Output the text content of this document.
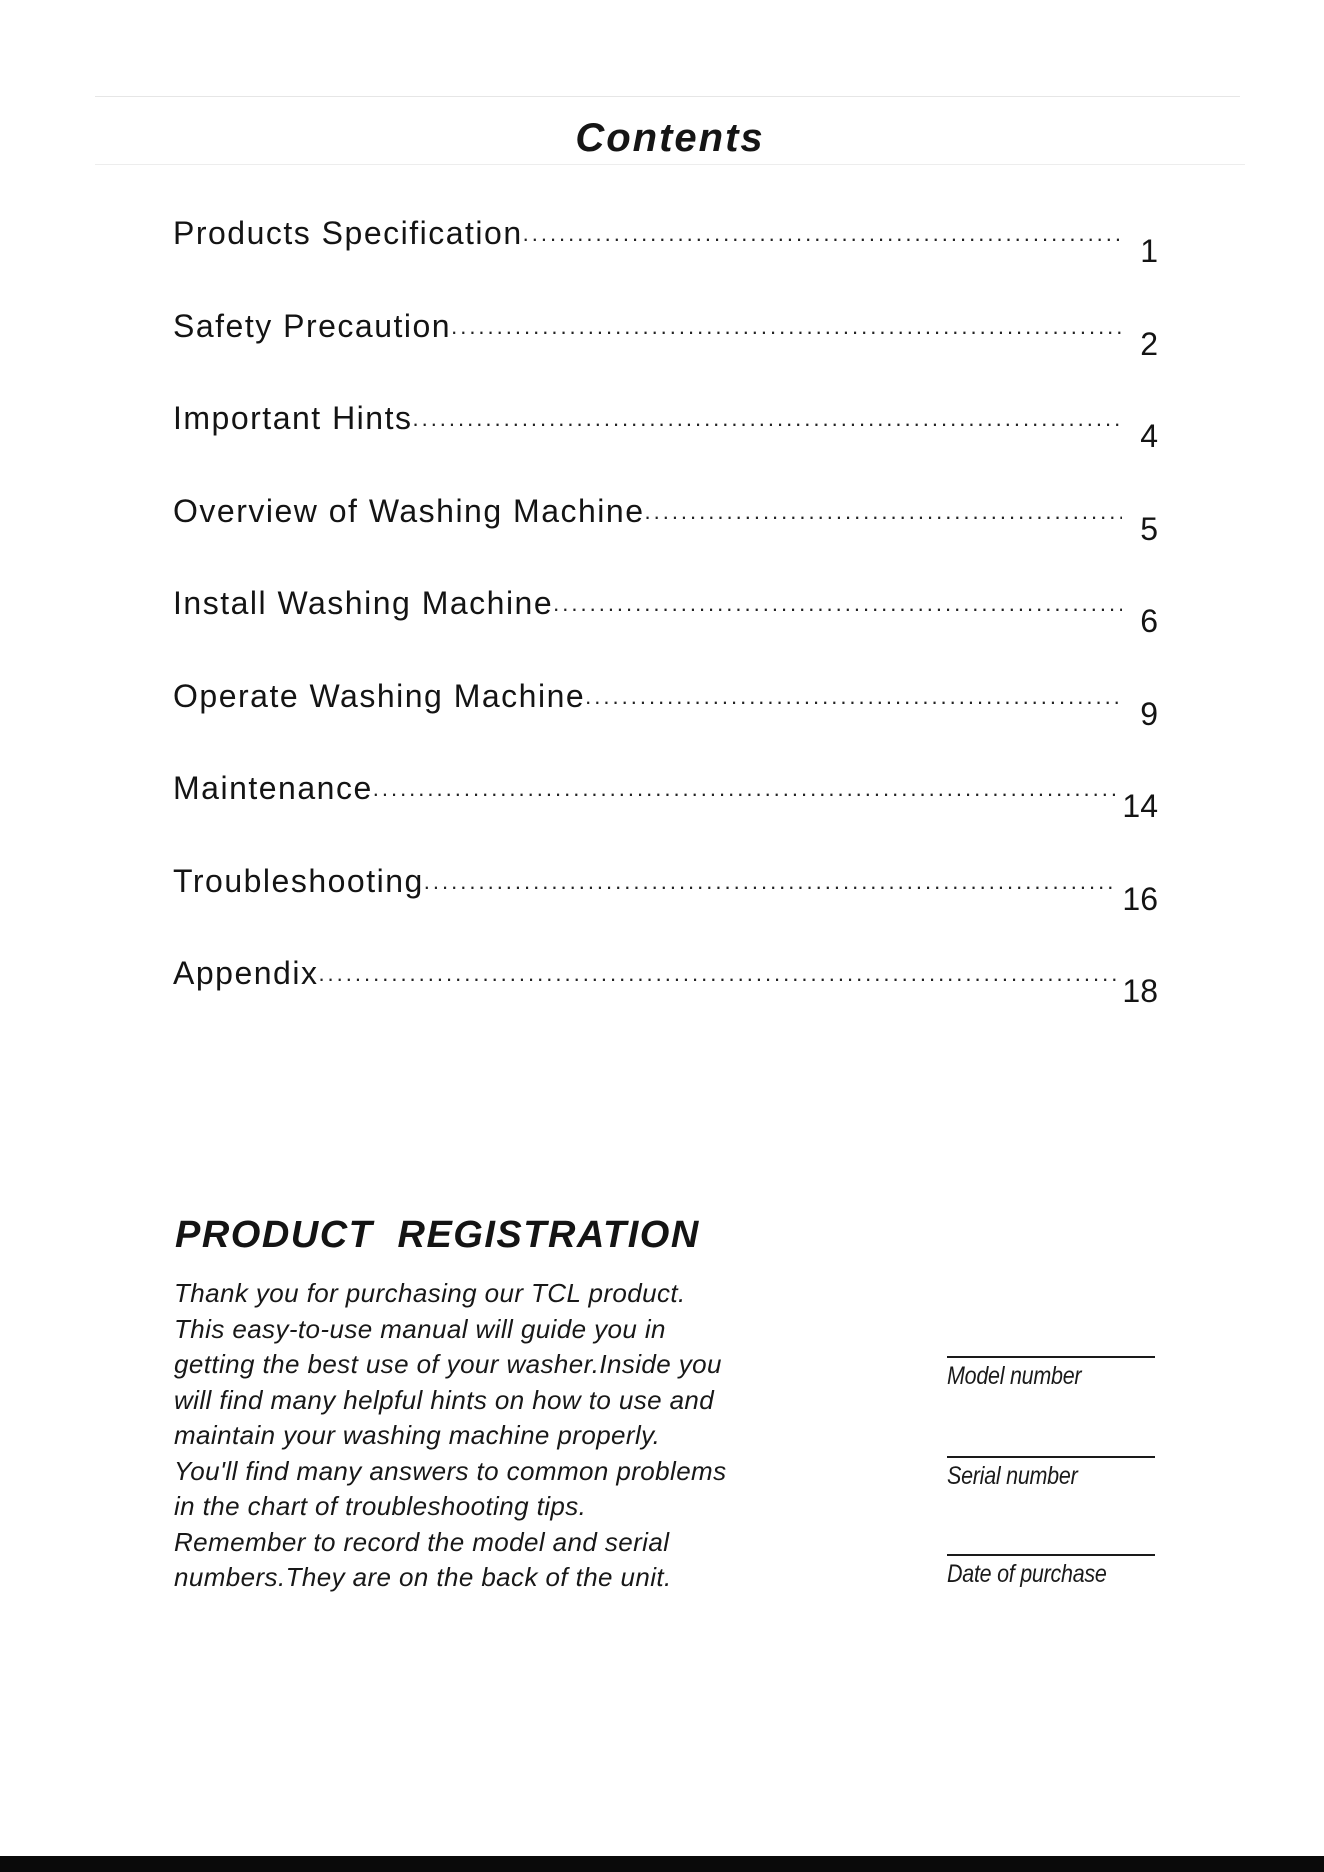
Contents
Products Specification .....	1
Safety Precaution .....	2
Important Hints .....	4
Overview of Washing Machine .....	5
Install Washing Machine .....	6
Operate Washing Machine .....	9
Maintenance .....	14
Troubleshooting .....	16
Appendix .....	18
PRODUCT  REGISTRATION
Thank you for purchasing our TCL product.
This easy-to-use manual will guide you in
getting the best use of your washer.Inside you
will find many helpful hints on how to use and
maintain your washing machine properly.
You'll find many answers to common problems
in the chart of troubleshooting tips.
Remember to record the model and serial
numbers.They are on the back of the unit.
Model number
Serial number
Date of purchase
